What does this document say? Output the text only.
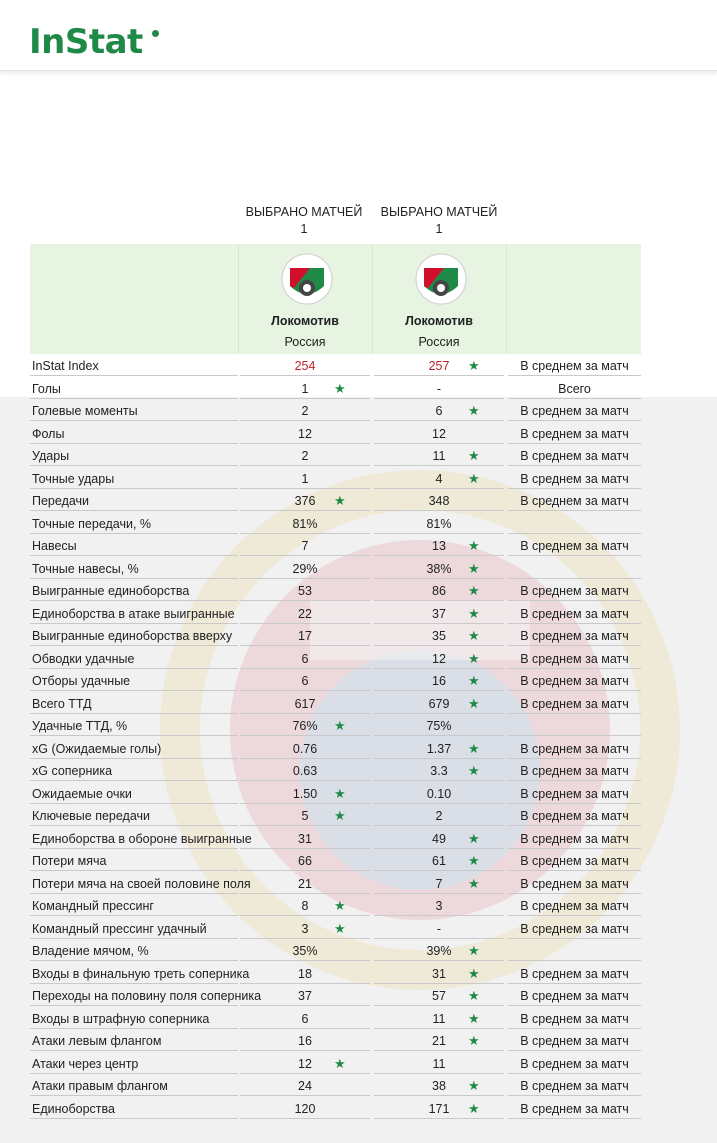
InStat
ВЫБРАНО МАТЧЕЙ
1
ВЫБРАНО МАТЧЕЙ
1
Локомотив
Россия
Локомотив
Россия
InStat Index	254	257	★	В среднем за матч
Голы	1	★	-	Всего
Голевые моменты	2	6	★	В среднем за матч
Фолы	12	12	В среднем за матч
Удары	2	11	★	В среднем за матч
Точные удары	1	4	★	В среднем за матч
Передачи	376	★	348	В среднем за матч
Точные передачи, %	81%	81%
Навесы	7	13	★	В среднем за матч
Точные навесы, %	29%	38%	★
Выигранные единоборства	53	86	★	В среднем за матч
Единоборства в атаке выигранные	22	37	★	В среднем за матч
Выигранные единоборства вверху	17	35	★	В среднем за матч
Обводки удачные	6	12	★	В среднем за матч
Отборы удачные	6	16	★	В среднем за матч
Всего ТТД	617	679	★	В среднем за матч
Удачные ТТД, %	76%	★	75%
xG (Ожидаемые голы)	0.76	1.37	★	В среднем за матч
xG соперника	0.63	3.3	★	В среднем за матч
Ожидаемые очки	1.50	★	0.10	В среднем за матч
Ключевые передачи	5	★	2	В среднем за матч
Единоборства в обороне выигранные	31	49	★	В среднем за матч
Потери мяча	66	61	★	В среднем за матч
Потери мяча на своей половине поля	21	7	★	В среднем за матч
Командный прессинг	8	★	3	В среднем за матч
Командный прессинг удачный	3	★	-	В среднем за матч
Владение мячом, %	35%	39%	★
Входы в финальную треть соперника	18	31	★	В среднем за матч
Переходы на половину поля соперника	37	57	★	В среднем за матч
Входы в штрафную соперника	6	11	★	В среднем за матч
Атаки левым флангом	16	21	★	В среднем за матч
Атаки через центр	12	★	11	В среднем за матч
Атаки правым флангом	24	38	★	В среднем за матч
Единоборства	120	171	★	В среднем за матч
